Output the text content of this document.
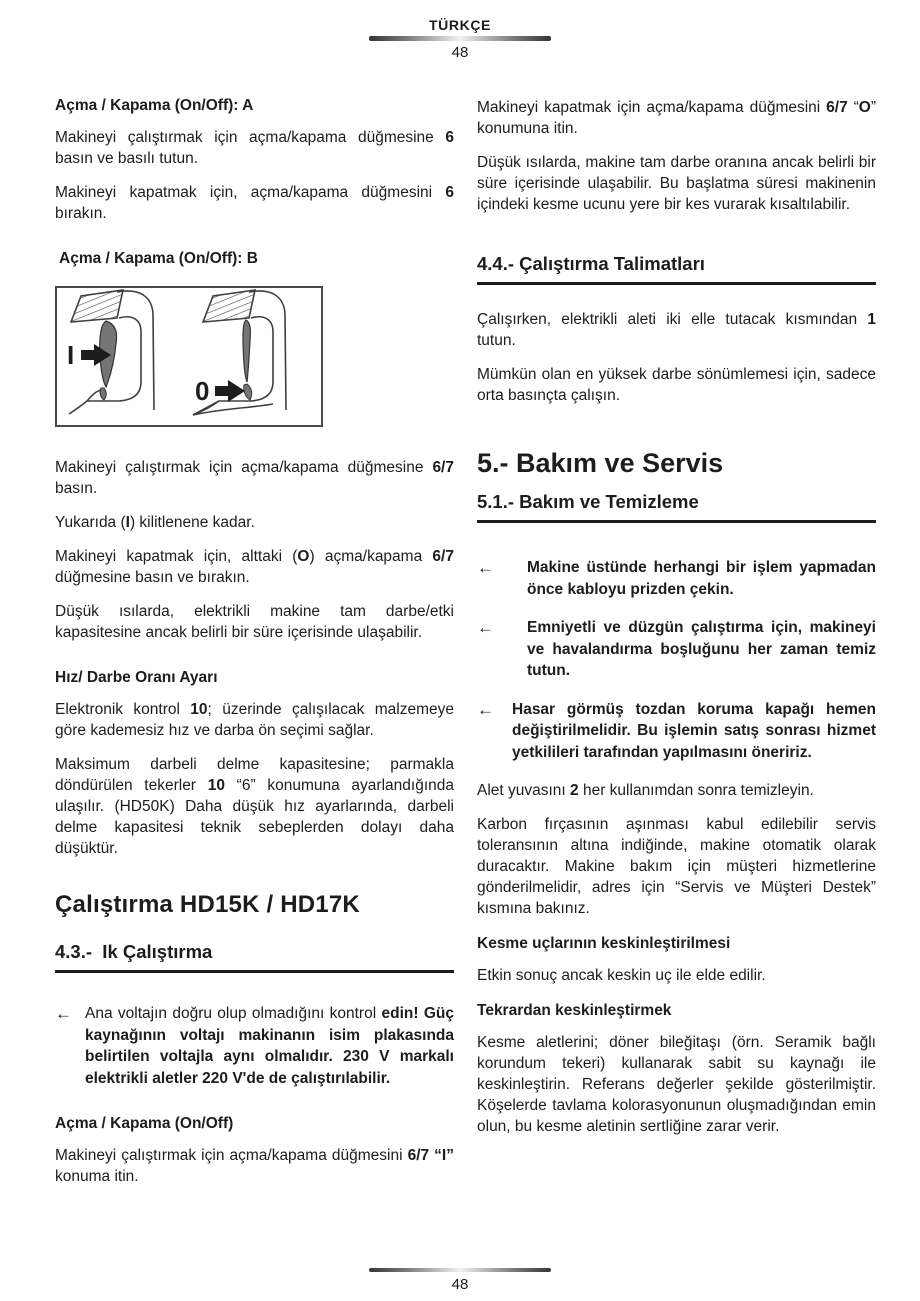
TÜRKÇE
48
Açma / Kapama (On/Off): A

Makineyi çalıştırmak için açma/kapama düğmesine 6 basın ve basılı tutun.

Makineyi kapatmak için, açma/kapama düğmesini 6 bırakın.

Açma / Kapama (On/Off): B
I
0

Makineyi çalıştırmak için açma/kapama düğmesine 6/7 basın.

Yukarıda (I) kilitlenene kadar.

Makineyi kapatmak için, alttaki (O) açma/kapama 6/7 düğmesine basın ve bırakın.

Düşük ısılarda, elektrikli makine tam darbe/etki kapasitesine ancak belirli bir süre içerisinde ulaşabilir.

Hız/ Darbe Oranı Ayarı

Elektronik kontrol 10; üzerinde çalışılacak malzemeye göre kademesiz hız ve darba ön seçimi sağlar.

Maksimum darbeli delme kapasitesine; parmakla döndürülen tekerler 10 “6” konumuna ayarlandığında ulaşılır. (HD50K) Daha düşük hız ayarlarında, darbeli delme kapasitesi teknik sebeplerden dolayı daha düşüktür.

Çalıştırma HD15K / HD17K
4.3.-  Ik Çalıştırma
← Ana voltajın doğru olup olmadığını kontrol edin! Güç kaynağının voltajı makinanın isim plakasında belirtilen voltajla aynı olmalıdır. 230 V markalı elektrikli aletler 220 V'de de çalıştırılabilir.
Açma / Kapama (On/Off)

Makineyi çalıştırmak için açma/kapama düğmesini 6/7 “I” konuma itin.

Makineyi kapatmak için açma/kapama düğmesini 6/7 “O” konumuna itin.

Düşük ısılarda, makine tam darbe oranına ancak belirli bir süre içerisinde ulaşabilir. Bu başlatma süresi makinenin içindeki kesme ucunu yere bir kes vurarak kısaltılabilir.

4.4.- Çalıştırma Talimatları

Çalışırken, elektrikli aleti iki elle tutacak kısmından 1 tutun.

Mümkün olan en yüksek darbe sönümlemesi için, sadece orta basınçta çalışın.

5.- Bakım ve Servis
5.1.- Bakım ve Temizleme
←	Makine üstünde herhangi bir işlem yapmadan önce kabloyu prizden çekin.
←	Emniyetli ve düzgün çalıştırma için, makineyi ve havalandırma boşluğunu her zaman temiz tutun.
←	Hasar görmüş tozdan koruma kapağı hemen değiştirilmelidir. Bu işlemin satış sonrası hizmet yetkilileri tarafından yapılmasını öneririz.

Alet yuvasını 2 her kullanımdan sonra temizleyin.

Karbon fırçasının aşınması kabul edilebilir servis toleransının altına indiğinde, makine otomatik olarak duracaktır. Makine bakım için müşteri hizmetlerine gönderilmelidir, adres için “Servis ve Müşteri Destek” kısmına bakınız.

Kesme uçlarının keskinleştirilmesi

Etkin sonuç ancak keskin uç ile elde edilir.

Tekrardan keskinleştirmek

Kesme aletlerini; döner bileğitaşı (örn. Seramik bağlı korundum tekeri) kullanarak sabit su kaynağı ile keskinleştirin. Referans değerler şekilde gösterilmiştir. Köşelerde tavlama kolorasyonunun oluşmadığından emin olun, bu kesme aletinin sertliğine zarar verir.

48
